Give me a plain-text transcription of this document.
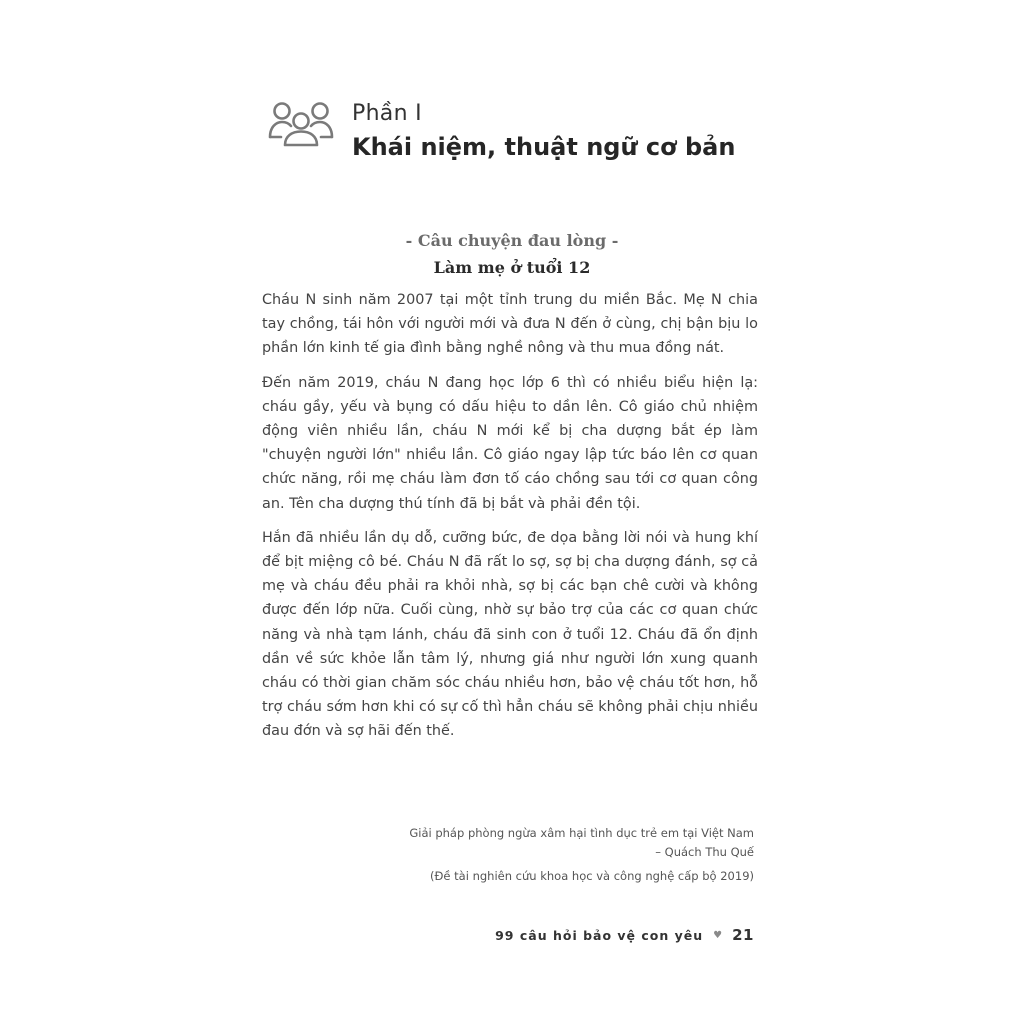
Phần I
Khái niệm, thuật ngữ cơ bản
- Câu chuyện đau lòng -
Làm mẹ ở tuổi 12

Cháu N sinh năm 2007 tại một tỉnh trung du miền Bắc. Mẹ N chia tay chồng, tái hôn với người mới và đưa N đến ở cùng, chị bận bịu lo phần lớn kinh tế gia đình bằng nghề nông và thu mua đồng nát.

Đến năm 2019, cháu N đang học lớp 6 thì có nhiều biểu hiện lạ: cháu gầy, yếu và bụng có dấu hiệu to dần lên. Cô giáo chủ nhiệm động viên nhiều lần, cháu N mới kể bị cha dượng bắt ép làm "chuyện người lớn" nhiều lần. Cô giáo ngay lập tức báo lên cơ quan chức năng, rồi mẹ cháu làm đơn tố cáo chồng sau tới cơ quan công an. Tên cha dượng thú tính đã bị bắt và phải đền tội.

Hắn đã nhiều lần dụ dỗ, cưỡng bức, đe dọa bằng lời nói và hung khí để bịt miệng cô bé. Cháu N đã rất lo sợ, sợ bị cha dượng đánh, sợ cả mẹ và cháu đều phải ra khỏi nhà, sợ bị các bạn chê cười và không được đến lớp nữa. Cuối cùng, nhờ sự bảo trợ của các cơ quan chức năng và nhà tạm lánh, cháu đã sinh con ở tuổi 12. Cháu đã ổn định dần về sức khỏe lẫn tâm lý, nhưng giá như người lớn xung quanh cháu có thời gian chăm sóc cháu nhiều hơn, bảo vệ cháu tốt hơn, hỗ trợ cháu sớm hơn khi có sự cố thì hẳn cháu sẽ không phải chịu nhiều đau đớn và sợ hãi đến thế.

Giải pháp phòng ngừa xâm hại tình dục trẻ em tại Việt Nam
– Quách Thu Quế
(Đề tài nghiên cứu khoa học và công nghệ cấp bộ 2019)
99 câu hỏi bảo vệ con yêu ♥ 21
